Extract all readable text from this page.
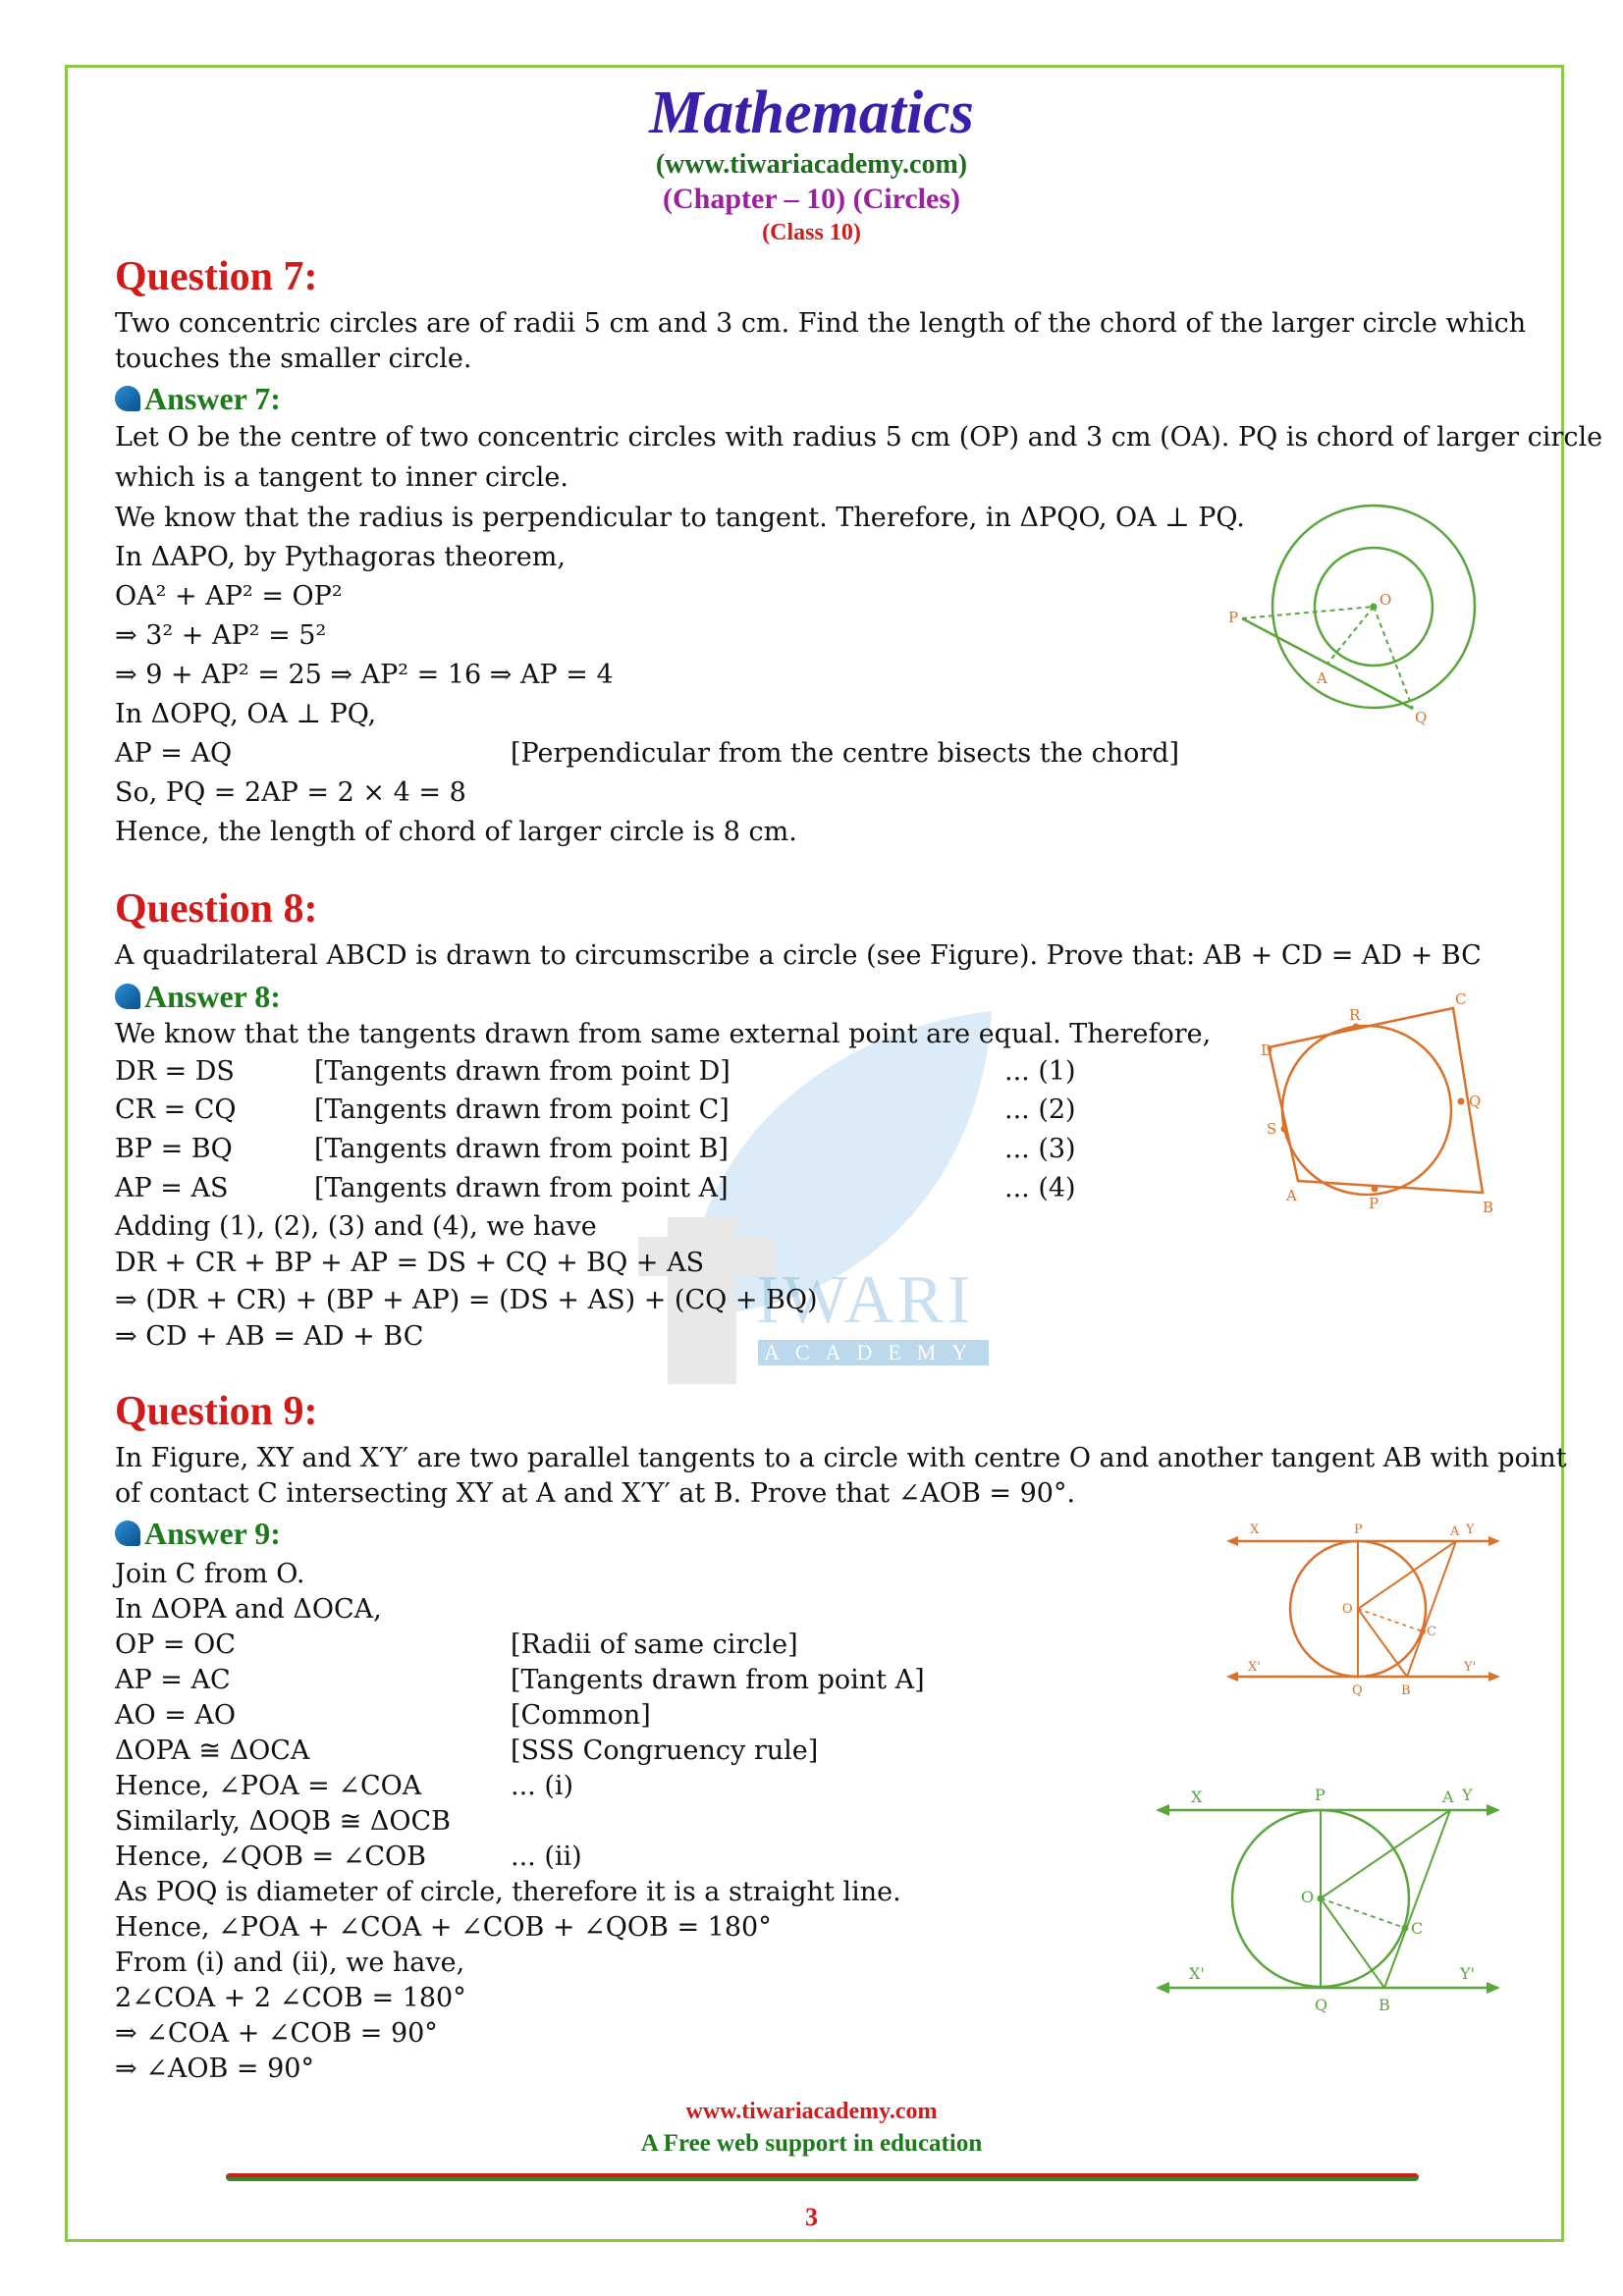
IWARI
ACADEMY
Mathematics
(www.tiwariacademy.com)
(Chapter – 10) (Circles)
(Class 10)
Question 7:
Two concentric circles are of radii 5 cm and 3 cm. Find the length of the chord of the larger circle which touches the smaller circle.
Answer 7:
Let O be the centre of two concentric circles with radius 5 cm (OP) and 3 cm (OA). PQ is chord of larger circle
which is a tangent to inner circle.
We know that the radius is perpendicular to tangent. Therefore, in ΔPQO, OA ⊥ PQ.
In ΔAPO, by Pythagoras theorem,
OA² + AP² = OP²
⇒ 3² + AP² = 5²
⇒ 9 + AP² = 25 ⇒ AP² = 16 ⇒ AP = 4
In ΔOPQ, OA ⊥ PQ,
AP = AQ	[Perpendicular from the centre bisects the chord]
So, PQ = 2AP = 2 × 4 = 8
Hence, the length of chord of larger circle is 8 cm.
P
O
A
Q
Question 8:
A quadrilateral ABCD is drawn to circumscribe a circle (see Figure). Prove that: AB + CD = AD + BC
Answer 8:
We know that the tangents drawn from same external point are equal. Therefore,
DR = DS	[Tangents drawn from point D]	... (1)
CR = CQ	[Tangents drawn from point C]	... (2)
BP = BQ	[Tangents drawn from point B]	... (3)
AP = AS	[Tangents drawn from point A]	... (4)
Adding (1), (2), (3) and (4), we have
DR + CR + BP + AP = DS + CQ + BQ + AS
⇒ (DR + CR) + (BP + AP) = (DS + AS) + (CQ + BQ)
⇒ CD + AB = AD + BC
D
R
C
Q
S
A	P	B
Question 9:
In Figure, XY and X′Y′ are two parallel tangents to a circle with centre O and another tangent AB with point of contact C intersecting XY at A and X′Y′ at B. Prove that ∠AOB = 90°.
Answer 9:
Join C from O.
In ΔOPA and ΔOCA,
OP = OC	[Radii of same circle]
AP = AC	[Tangents drawn from point A]
AO = AO	[Common]
ΔOPA ≅ ΔOCA	[SSS Congruency rule]
Hence, ∠POA = ∠COA	... (i)
Similarly, ΔOQB ≅ ΔOCB
Hence, ∠QOB = ∠COB	... (ii)
As POQ is diameter of circle, therefore it is a straight line.
Hence, ∠POA + ∠COA + ∠COB + ∠QOB = 180°
From (i) and (ii), we have,
2∠COA + 2 ∠COB = 180°
⇒ ∠COA + ∠COB = 90°
⇒ ∠AOB = 90°
X	P	A Y
O
C
X'	Y'
Q	B
X	P	A Y
O
C
X'	Y'
Q	B
www.tiwariacademy.com
A Free web support in education
3
